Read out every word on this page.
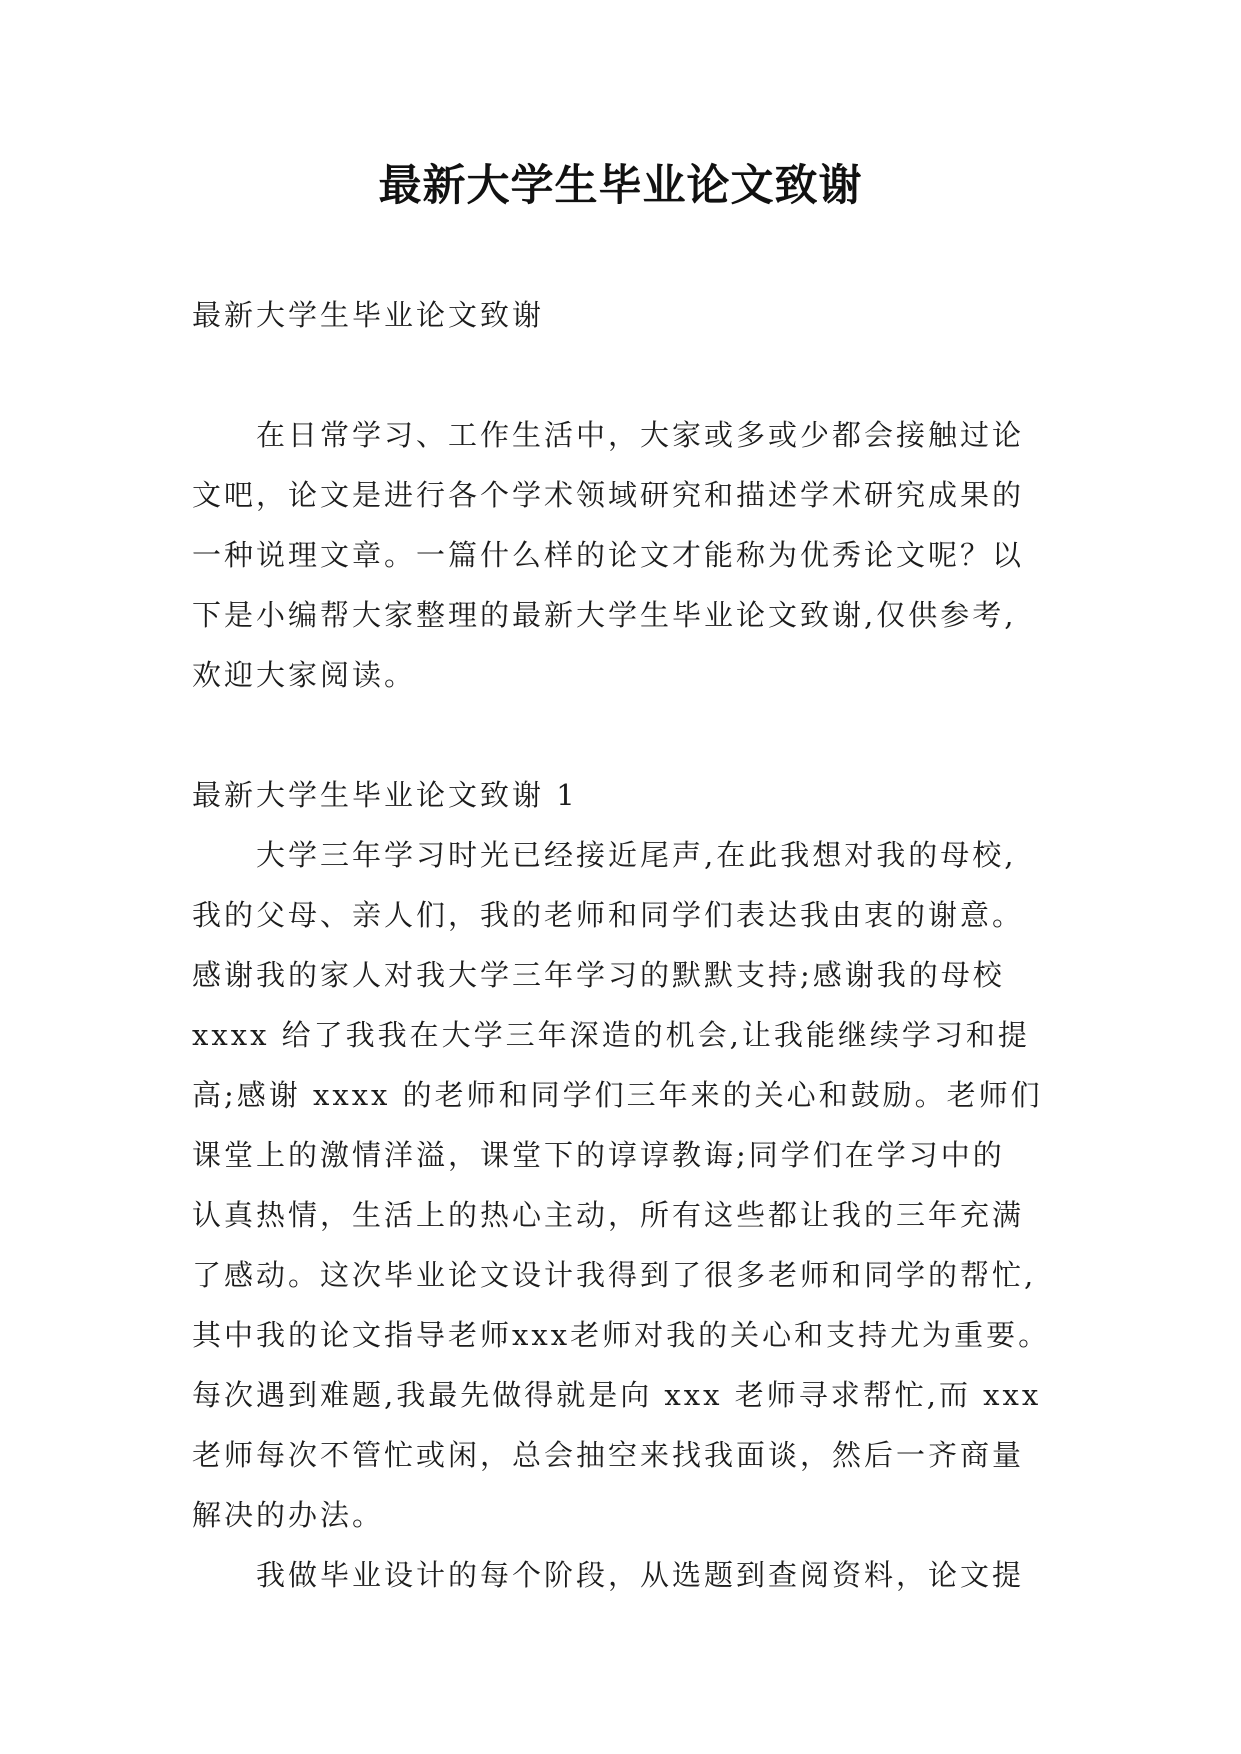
最新大学生毕业论文致谢
最新大学生毕业论文致谢
　　在日常学习、工作生活中，大家或多或少都会接触过论
文吧，论文是进行各个学术领域研究和描述学术研究成果的
一种说理文章。一篇什么样的论文才能称为优秀论文呢？以
下是小编帮大家整理的最新大学生毕业论文致谢,仅供参考,
欢迎大家阅读。
最新大学生毕业论文致谢 1
　　大学三年学习时光已经接近尾声,在此我想对我的母校,
我的父母、亲人们，我的老师和同学们表达我由衷的谢意。
感谢我的家人对我大学三年学习的默默支持;感谢我的母校
xxxx 给了我我在大学三年深造的机会,让我能继续学习和提
高;感谢 xxxx 的老师和同学们三年来的关心和鼓励。老师们
课堂上的激情洋溢，课堂下的谆谆教诲;同学们在学习中的
认真热情，生活上的热心主动，所有这些都让我的三年充满
了感动。这次毕业论文设计我得到了很多老师和同学的帮忙,
其中我的论文指导老师xxx老师对我的关心和支持尤为重要。
每次遇到难题,我最先做得就是向 xxx 老师寻求帮忙,而 xxx
老师每次不管忙或闲，总会抽空来找我面谈，然后一齐商量
解决的办法。
　　我做毕业设计的每个阶段，从选题到查阅资料，论文提
